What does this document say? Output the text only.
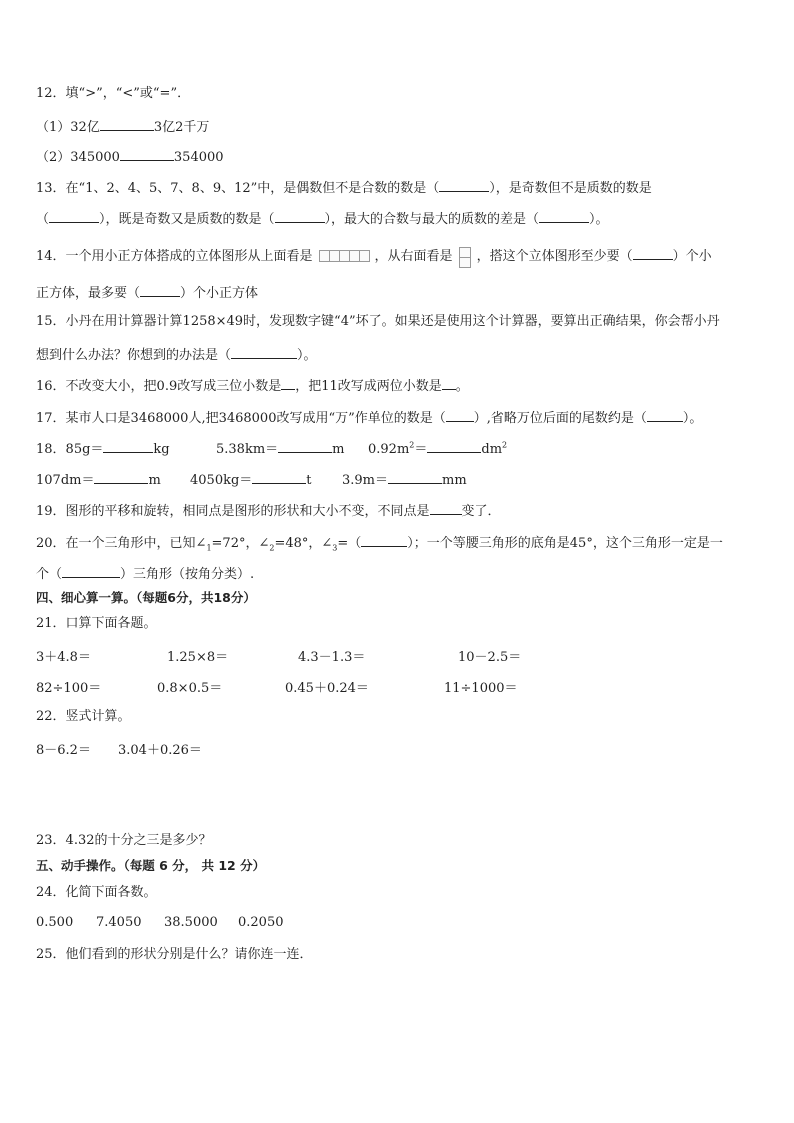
12．填“>”，“<”或“=”．
（1）32亿	3亿2千万
（2）345000	354000
13．在“1、2、4、5、7、8、9、12”中，是偶数但不是合数的数是（	），是奇数但不是质数的数是
（	），既是奇数又是质数的数是（	），最大的合数与最大的质数的差是（	）。
14．一个用小正方体搭成的立体图形从上面看是	，从右面看是 ，搭这个立体图形至少要（	）个小
正方体，最多要（	）个小正方体
15．小丹在用计算器计算1258×49时，发现数字键“4”坏了。如果还是使用这个计算器，要算出正确结果，你会帮小丹
想到什么办法？你想到的办法是（	）。
16．不改变大小，把0.9改写成三位小数是 ，把11改写成两位小数是 。
17．某市人口是3468000人,把3468000改写成用“万”作单位的数是（ ）,省略万位后面的尾数约是（	）。
18．85g＝	kg	5.38km＝	m $0.92m^2=$	$dm^2$
107dm＝	m 4050kg＝	t 3.9m＝	mm
19．图形的平移和旋转，相同点是图形的形状和大小不变，不同点是 变了．
20．在一个三角形中，已知$\angle_1=72^\circ$，$\angle_2=48^\circ$，$\angle_3=$（	）；一个等腰三角形的底角是45°，这个三角形一定是一
个（	）三角形（按角分类）.
四、细心算一算。（每题6分，共18分）
21．口算下面各题。
3＋4.8＝	1.25×8＝	4.3－1.3＝	10－2.5＝
82÷100＝	0.8×0.5＝	0.45＋0.24＝	11÷1000＝
22．竖式计算。
8－6.2＝ 3.04＋0.26＝
23．4.32的十分之三是多少？
五、动手操作。（每题 6 分， 共 12 分）
24．化简下面各数。
0.500 7.4050 38.5000 0.2050
25．他们看到的形状分别是什么？请你连一连．
